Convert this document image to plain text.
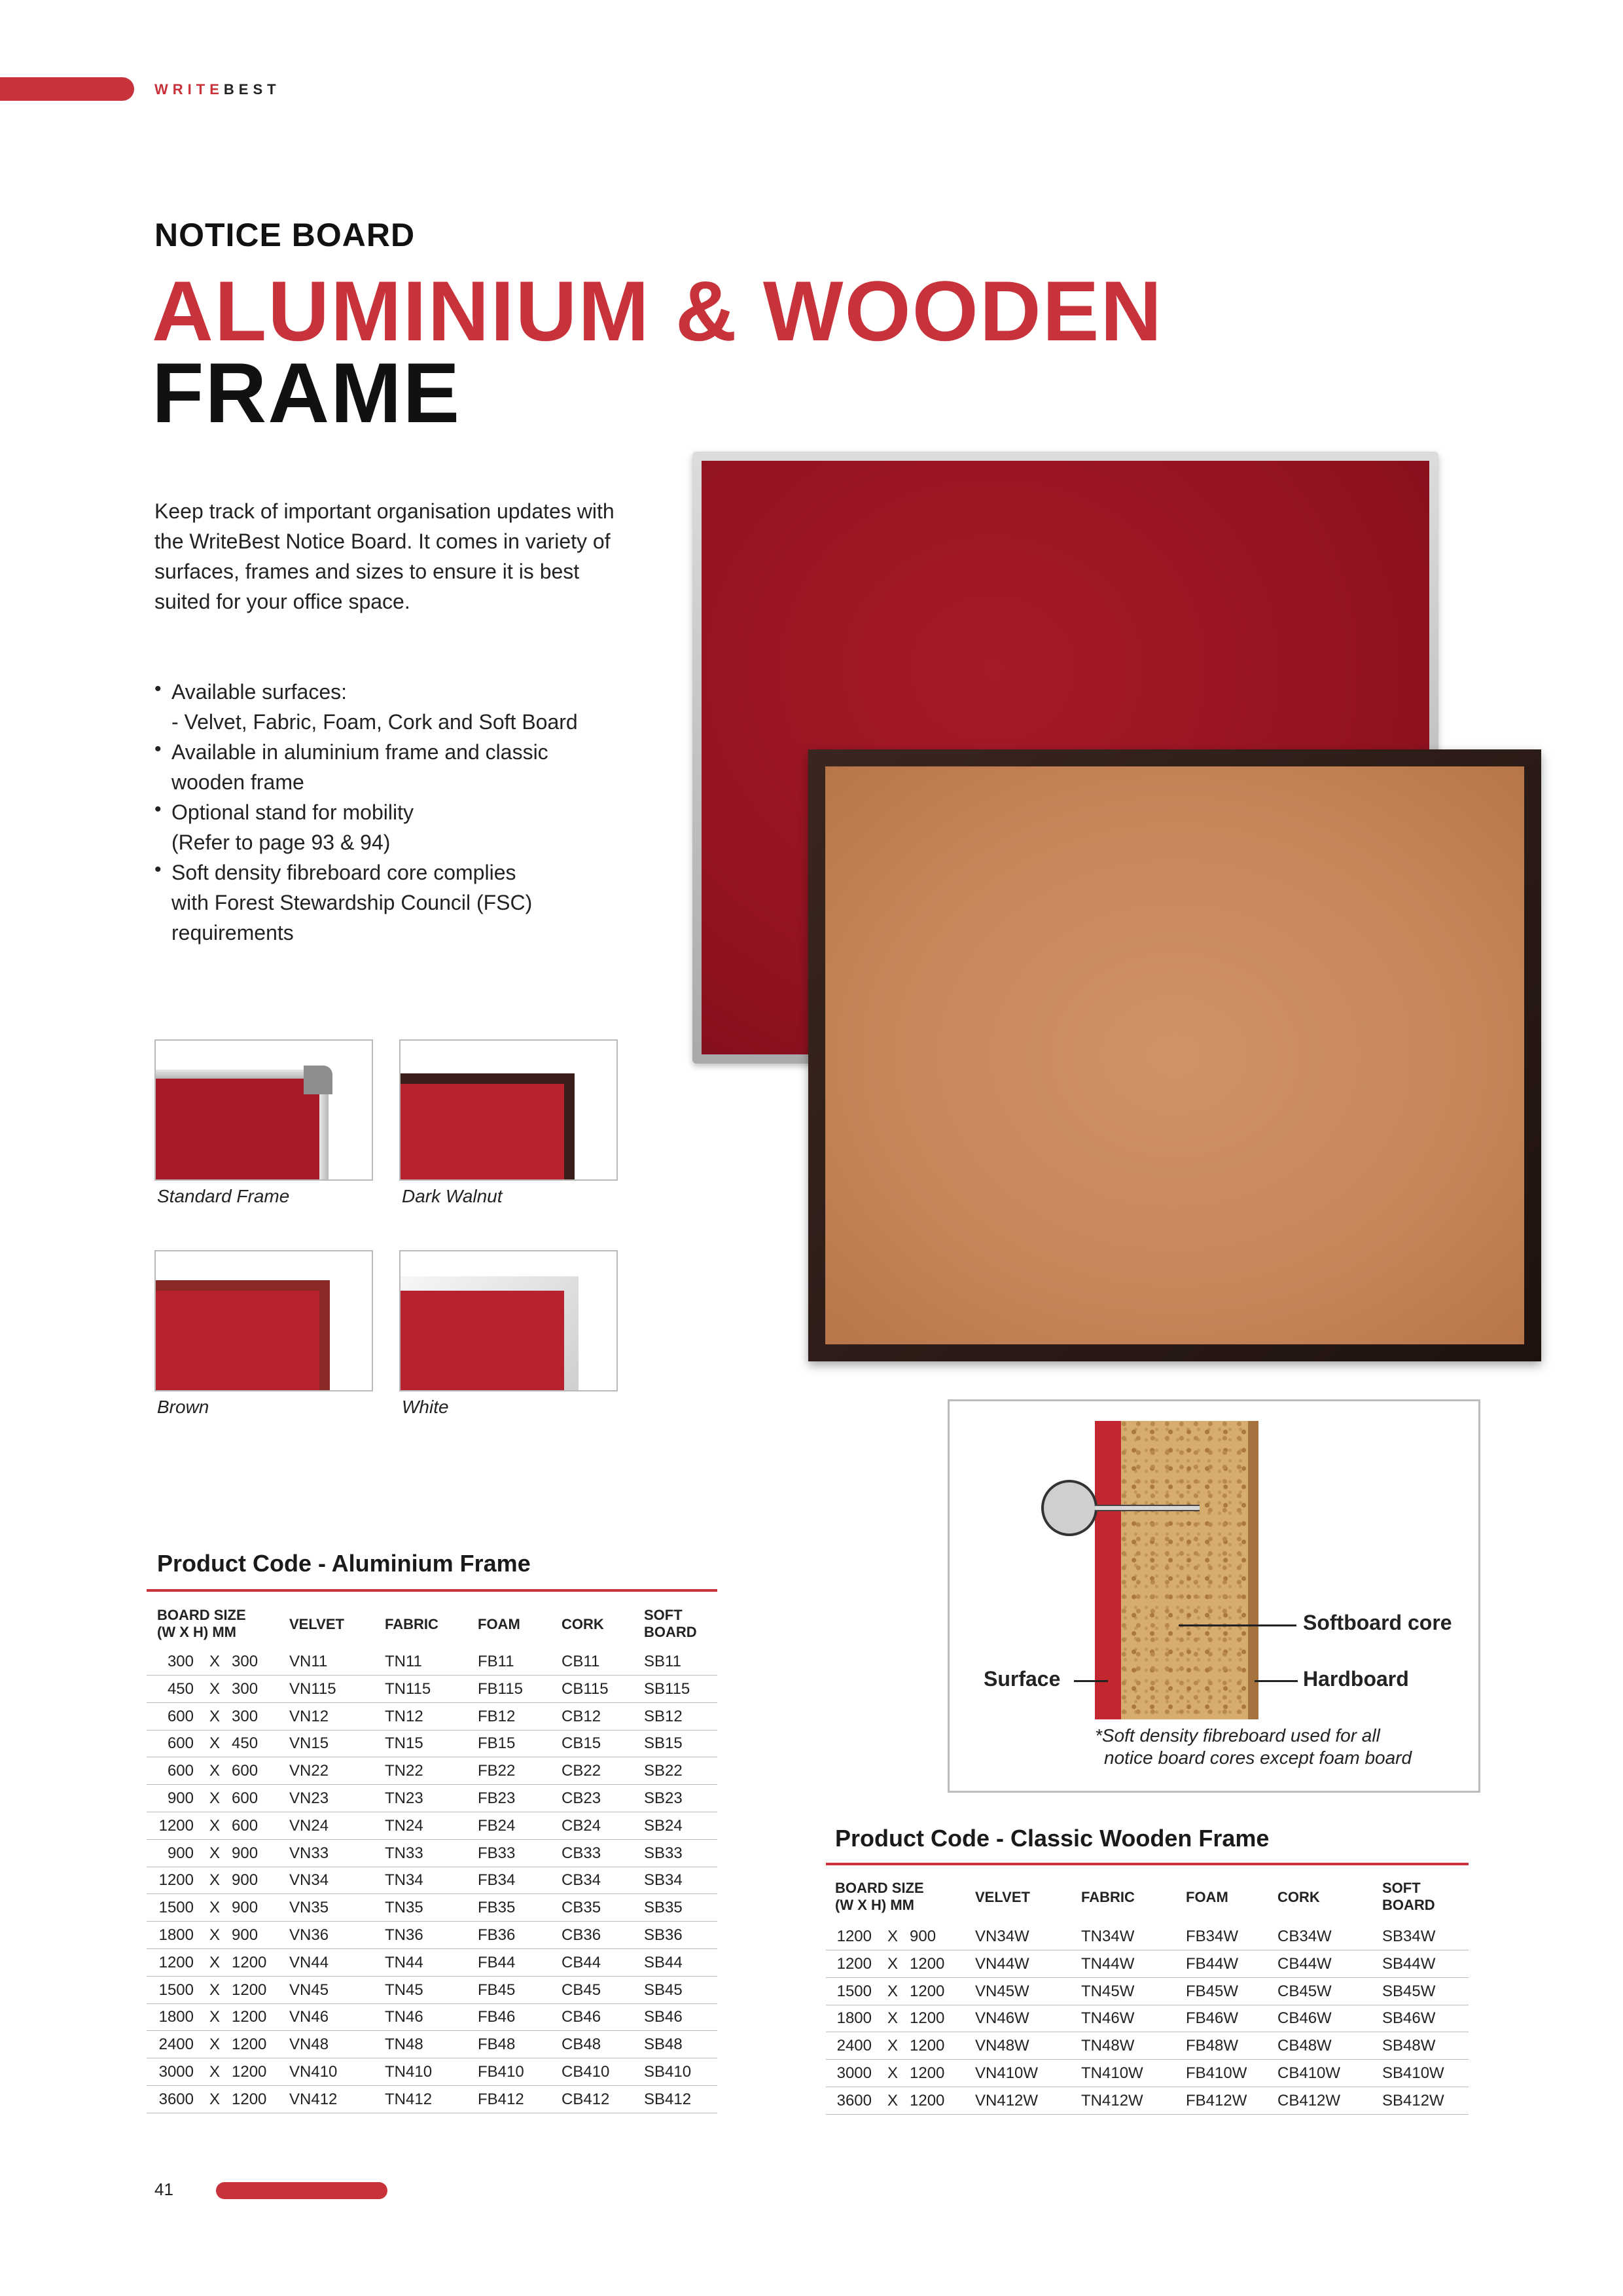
WRITEBEST
NOTICE BOARD
ALUMINIUM & WOODEN
FRAME
Keep track of important organisation updates with the WriteBest Notice Board. It comes in variety of surfaces, frames and sizes to ensure it is best suited for your office space.
• Available surfaces:
- Velvet, Fabric, Foam, Cork and Soft Board
• Available in aluminium frame and classic
wooden frame
• Optional stand for mobility
(Refer to page 93 & 94)
• Soft density fibreboard core complies
with Forest Stewardship Council (FSC)
requirements
Standard Frame	Dark Walnut
Brown	White
Softboard core
Surface	Hardboard
*Soft density fibreboard used for all
notice board cores except foam board
Product Code - Aluminium Frame
BOARD SIZE
(W X H) MM	VELVET	FABRIC	FOAM	CORK
SOFT
BOARD
300 X 300 VN11	TN11	FB11	CB11	SB11
450 X 300 VN115	TN115	FB115 CB115 SB115
600 X 300 VN12	TN12	FB12	CB12	SB12
600 X 450 VN15	TN15	FB15	CB15	SB15
600 X 600 VN22	TN22	FB22	CB22	SB22
900 X 600 VN23	TN23	FB23	CB23	SB23
1200 X 600 VN24	TN24	FB24	CB24	SB24
900 X 900 VN33	TN33	FB33	CB33	SB33
1200 X 900 VN34	TN34	FB34	CB34	SB34
1500 X 900 VN35	TN35	FB35	CB35	SB35
1800 X 900 VN36	TN36	FB36	CB36	SB36
1200 X 1200 VN44	TN44	FB44	CB44	SB44
1500 X 1200 VN45	TN45	FB45	CB45	SB45
1800 X 1200 VN46	TN46	FB46	CB46	SB46
2400 X 1200 VN48	TN48	FB48	CB48	SB48
3000 X 1200 VN410	TN410	FB410 CB410 SB410
3600 X 1200 VN412	TN412	FB412 CB412 SB412
Product Code - Classic Wooden Frame
BOARD SIZE
(W X H) MM	VELVET	FABRIC	FOAM	CORK
SOFT
BOARD
1200 X 900 VN34W	TN34W	FB34W CB34W	SB34W
1200 X 1200 VN44W	TN44W	FB44W CB44W	SB44W
1500 X 1200 VN45W	TN45W	FB45W CB45W	SB45W
1800 X 1200 VN46W	TN46W	FB46W CB46W	SB46W
2400 X 1200 VN48W	TN48W	FB48W CB48W	SB48W
3000 X 1200 VN410W	TN410W	FB410W CB410W	SB410W
3600 X 1200 VN412W	TN412W	FB412W CB412W	SB412W
41
